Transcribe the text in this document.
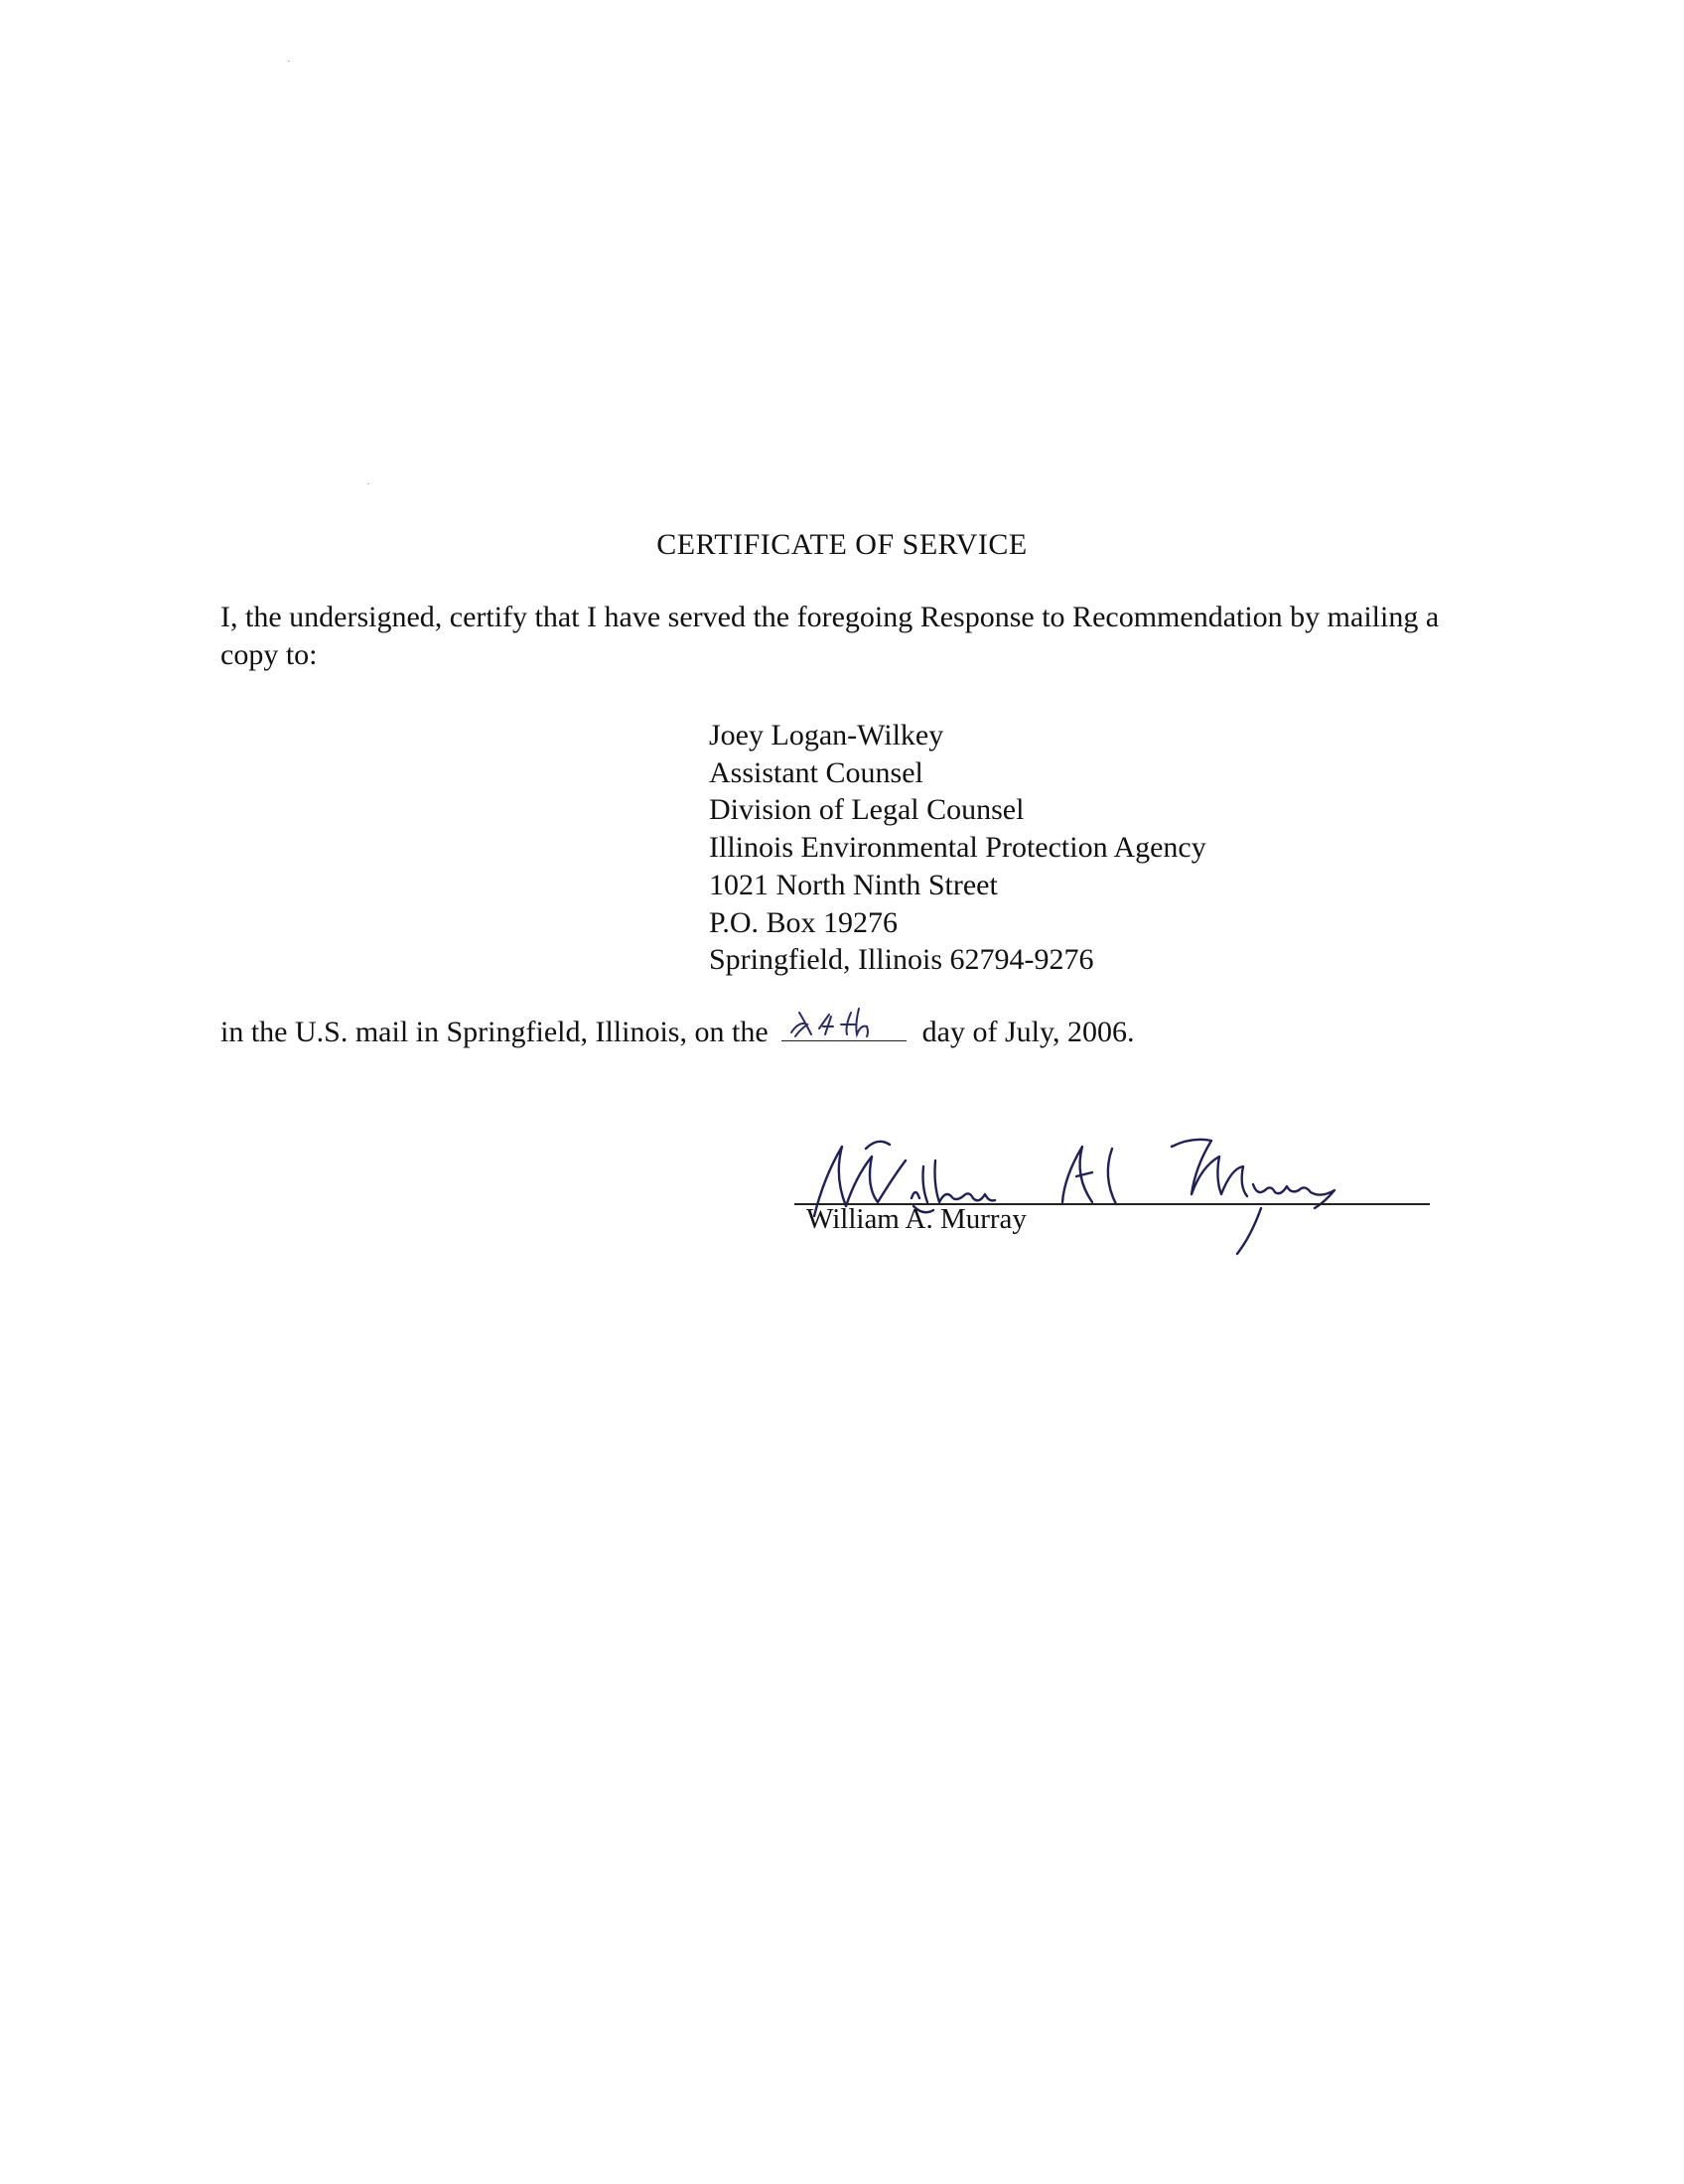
CERTIFICATE OF SERVICE
I, the undersigned, certify that I have served the foregoing Response to Recommendation by mailing a copy to:
Joey Logan-Wilkey
Assistant Counsel
Division of Legal Counsel
Illinois Environmental Protection Agency
1021 North Ninth Street
P.O. Box 19276
Springfield, Illinois 62794-9276
in the U.S. mail in Springfield, Illinois, on the	day of July, 2006.
William A. Murray
